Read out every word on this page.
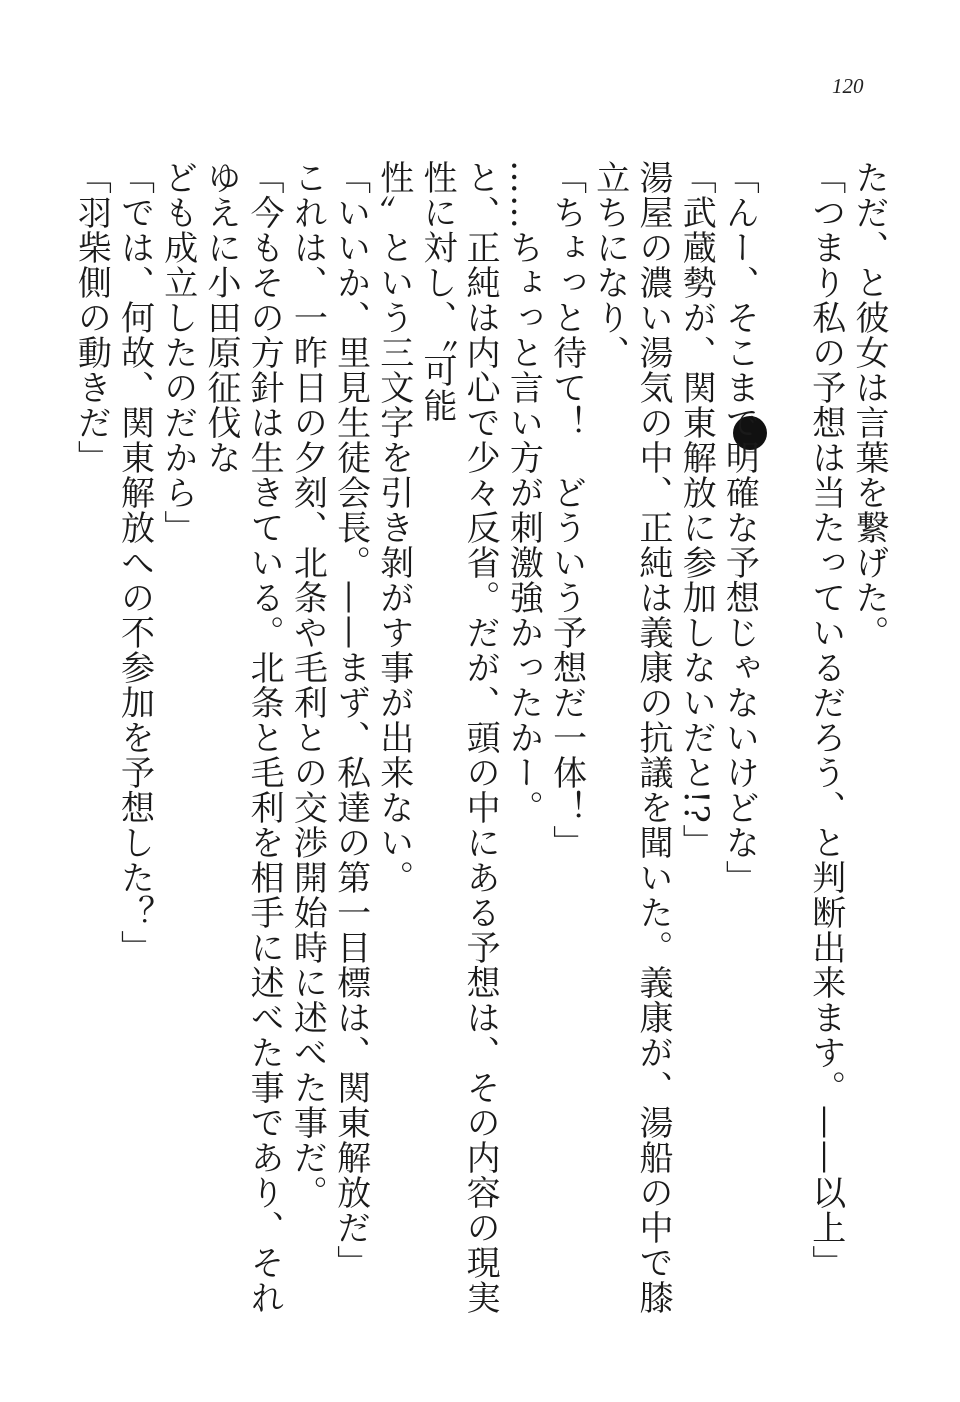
120

ただ、と彼女は言葉を繋げた。

「つまり私の予想は当たっているだろう、と判断出来ます。——以上」

「んー、そこまで明確な予想じゃないけどな」

「武蔵勢が、関東解放に参加しないだと!?」

湯屋の濃い湯気の中、正純は義康の抗議を聞いた。義康が、湯船の中で膝立ちになり、

「ちょっと待て！　どういう予想だ一体！」

……ちょっと言い方が刺激強かったかー。

と、正純は内心で少々反省。だが、頭の中にある予想は、その内容の現実性に対し、〝可能

性〟という三文字を引き剝がす事が出来ない。

「いいか、里見生徒会長。——まず、私達の第一目標は、関東解放だ」

これは、一昨日の夕刻、北条や毛利との交渉開始時に述べた事だ。

「今もその方針は生きている。北条と毛利を相手に述べた事であり、それゆえに小田原征伐な

ども成立したのだから」

「では、何故、関東解放への不参加を予想した？」

「羽柴側の動きだ」
